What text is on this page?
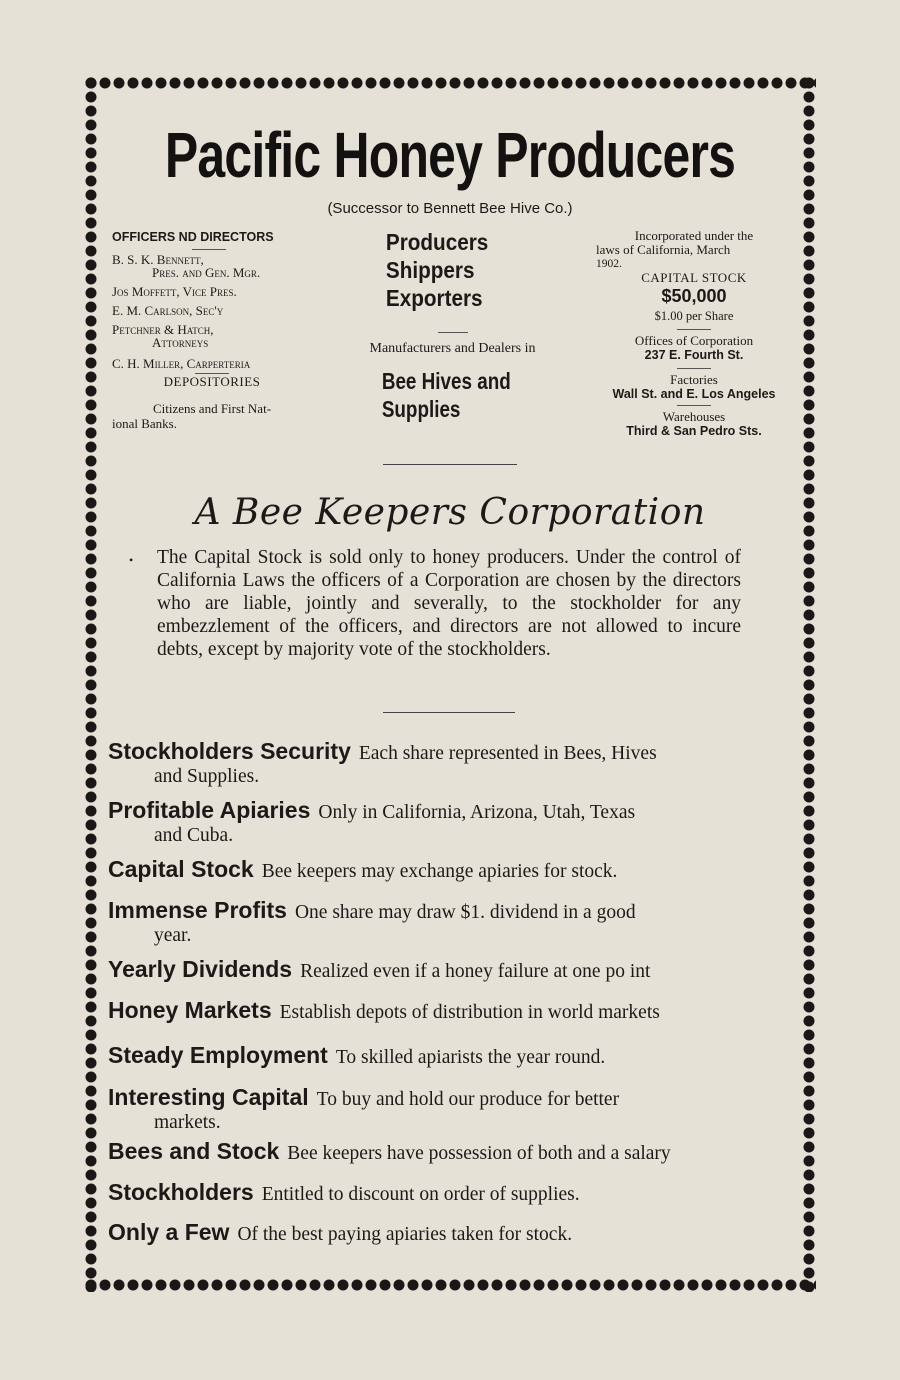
Pacific Honey Producers
(Successor to Bennett Bee Hive Co.)
OFFICERS ND DIRECTORS
B. S. K. Bennett,
Pres. and Gen. Mgr.
Jos Moffett, Vice Pres.
E. M. Carlson, Sec'y
Petchner & Hatch,
Attorneys
C. H. Miller, Carperteria
DEPOSITORIES
Citizens and First Nat-
ional Banks.
Producers
Shippers
Exporters
Manufacturers and Dealers in
Bee Hives and
Supplies
Incorporated under the
laws of California, March
1902.
CAPITAL STOCK
$50,000
$1.00 per Share
Offices of Corporation
237 E. Fourth St.
Factories
Wall St. and E. Los Angeles
Warehouses
Third & San Pedro Sts.
A Bee Keepers Corporation
• The Capital Stock is sold only to honey producers. Under the control of California Laws the officers of a Corporation are chosen by the directors who are liable, jointly and severally, to the stockholder for any embezzlement of the officers, and directors are not allowed to incure debts, except by majority vote of the stockholders.
Stockholders Security Each share represented in Bees, Hives
and Supplies.
Profitable Apiaries Only in California, Arizona, Utah, Texas
and Cuba.
Capital Stock Bee keepers may exchange apiaries for stock.
Immense Profits One share may draw $1. dividend in a good
year.
Yearly Dividends Realized even if a honey failure at one po int
Honey Markets Establish depots of distribution in world markets
Steady Employment To skilled apiarists the year round.
Interesting Capital To buy and hold our produce for better
markets.
Bees and Stock Bee keepers have possession of both and a salary
Stockholders Entitled to discount on order of supplies.
Only a Few Of the best paying apiaries taken for stock.
